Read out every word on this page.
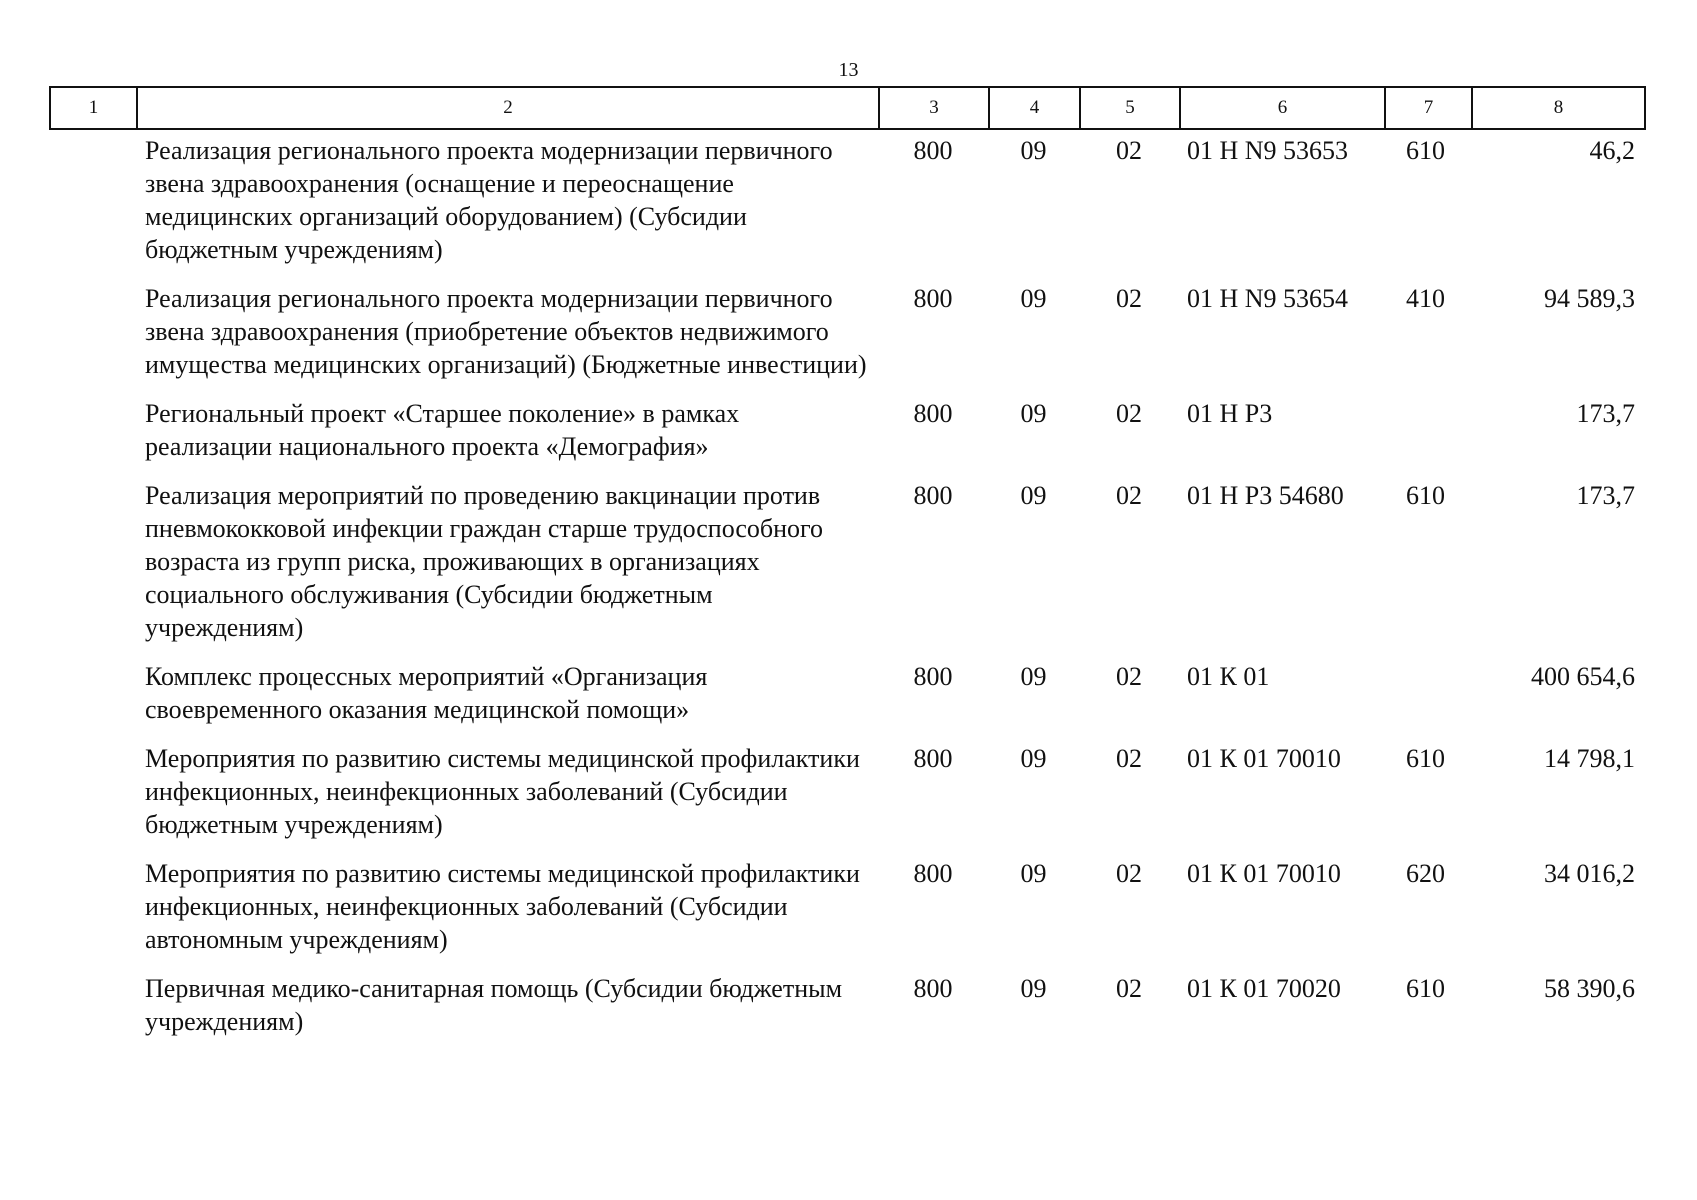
13
1	2	3	4	5	6	7	8
	Реализация регионального проекта модернизации первичного звена здравоохранения (оснащение и переоснащение медицинских организаций оборудованием) (Субсидии бюджетным учреждениям)	800	09	02	01 Н N9 53653	610	46,2
	Реализация регионального проекта модернизации первичного звена здравоохранения (приобретение объектов недвижимого имущества медицинских организаций) (Бюджетные инвестиции)	800	09	02	01 Н N9 53654	410	94 589,3
	Региональный проект «Старшее поколение» в рамках реализации национального проекта «Демография»	800	09	02	01 Н Р3		173,7
	Реализация мероприятий по проведению вакцинации против пневмококковой инфекции граждан старше трудоспособного возраста из групп риска, проживающих в организациях социального обслуживания (Субсидии бюджетным учреждениям)	800	09	02	01 Н Р3 54680	610	173,7
	Комплекс процессных мероприятий «Организация своевременного оказания медицинской помощи»	800	09	02	01 К 01		400 654,6
	Мероприятия по развитию системы медицинской профилактики инфекционных, неинфекционных заболеваний (Субсидии бюджетным учреждениям)	800	09	02	01 К 01 70010	610	14 798,1
	Мероприятия по развитию системы медицинской профилактики инфекционных, неинфекционных заболеваний (Субсидии автономным учреждениям)	800	09	02	01 К 01 70010	620	34 016,2
	Первичная медико-санитарная помощь (Субсидии бюджетным учреждениям)	800	09	02	01 К 01 70020	610	58 390,6
